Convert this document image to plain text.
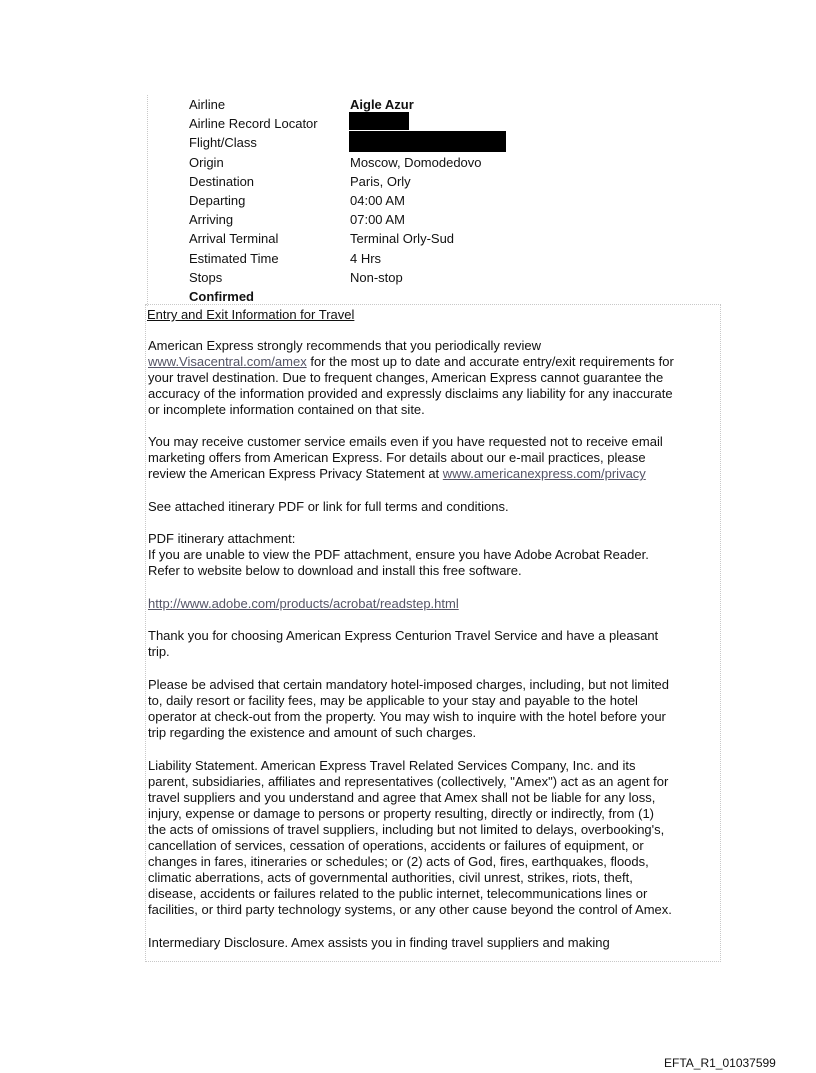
Airline	Aigle Azur
Airline Record Locator
Flight/Class
Origin	Moscow, Domodedovo
Destination	Paris, Orly
Departing	04:00 AM
Arriving	07:00 AM
Arrival Terminal	Terminal Orly-Sud
Estimated Time	4 Hrs
Stops	Non-stop
Confirmed
Entry and Exit Information for Travel
American Express strongly recommends that you periodically review
www.Visacentral.com/amex for the most up to date and accurate entry/exit requirements for
your travel destination. Due to frequent changes, American Express cannot guarantee the
accuracy of the information provided and expressly disclaims any liability for any inaccurate
or incomplete information contained on that site.
You may receive customer service emails even if you have requested not to receive email
marketing offers from American Express. For details about our e-mail practices, please
review the American Express Privacy Statement at www.americanexpress.com/privacy
See attached itinerary PDF or link for full terms and conditions.
PDF itinerary attachment:
If you are unable to view the PDF attachment, ensure you have Adobe Acrobat Reader.
Refer to website below to download and install this free software.
http://www.adobe.com/products/acrobat/readstep.html
Thank you for choosing American Express Centurion Travel Service and have a pleasant
trip.
Please be advised that certain mandatory hotel-imposed charges, including, but not limited
to, daily resort or facility fees, may be applicable to your stay and payable to the hotel
operator at check-out from the property. You may wish to inquire with the hotel before your
trip regarding the existence and amount of such charges.
Liability Statement. American Express Travel Related Services Company, Inc. and its
parent, subsidiaries, affiliates and representatives (collectively, "Amex") act as an agent for
travel suppliers and you understand and agree that Amex shall not be liable for any loss,
injury, expense or damage to persons or property resulting, directly or indirectly, from (1)
the acts of omissions of travel suppliers, including but not limited to delays, overbooking's,
cancellation of services, cessation of operations, accidents or failures of equipment, or
changes in fares, itineraries or schedules; or (2) acts of God, fires, earthquakes, floods,
climatic aberrations, acts of governmental authorities, civil unrest, strikes, riots, theft,
disease, accidents or failures related to the public internet, telecommunications lines or
facilities, or third party technology systems, or any other cause beyond the control of Amex.
Intermediary Disclosure. Amex assists you in finding travel suppliers and making
EFTA_R1_01037599
